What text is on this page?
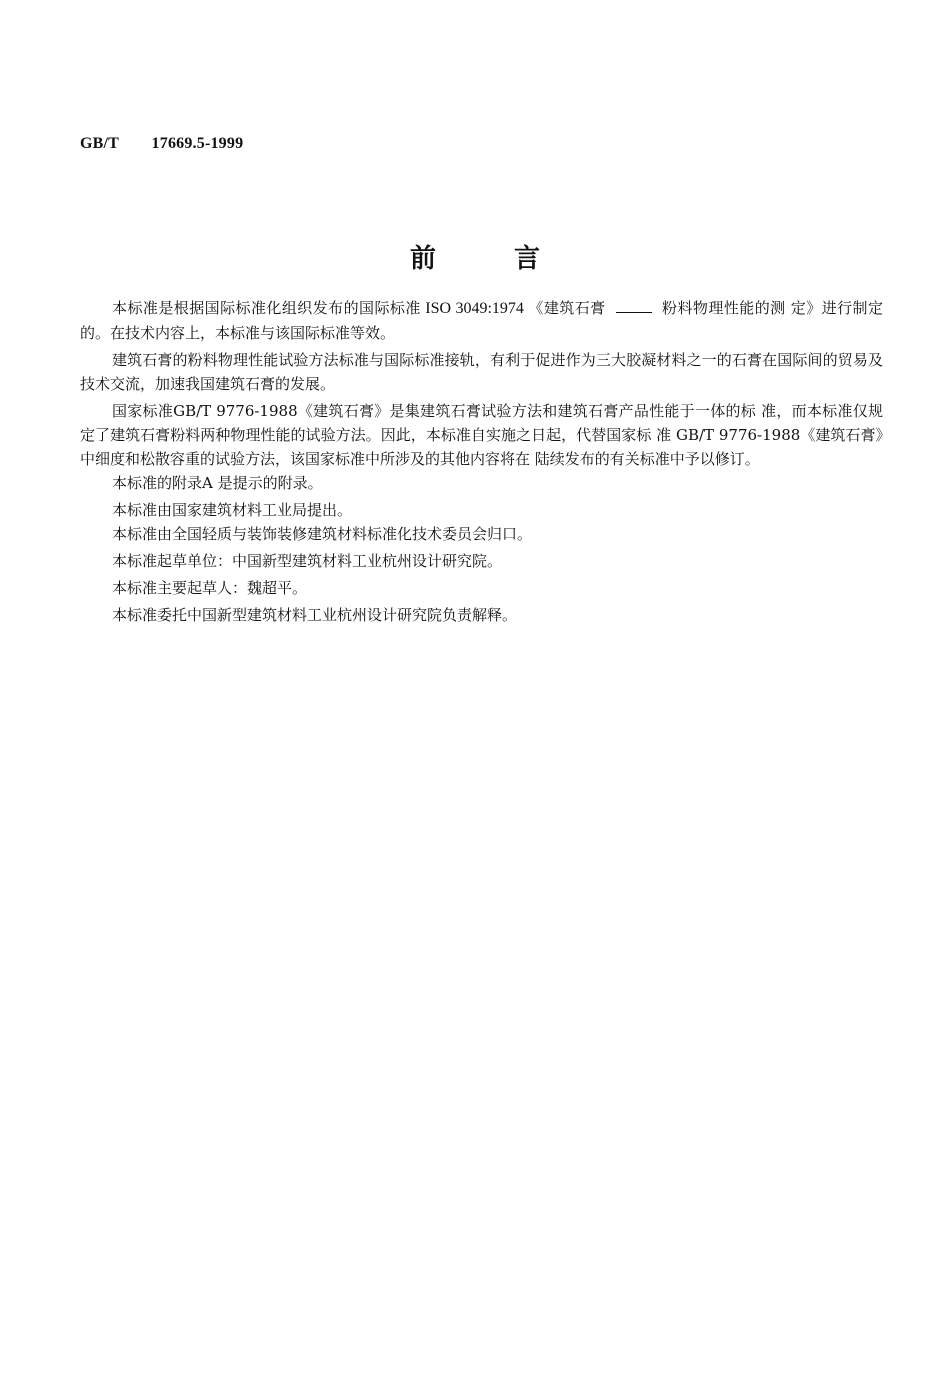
GB/T    17669.5-1999
前言

本标准是根据国际标准化组织发布的国际标准 ISO 3049:1974 《建筑石膏	粉料物理性能的测 定》进行制定的。在技术内容上，本标准与该国际标准等效。

建筑石膏的粉料物理性能试验方法标准与国际标准接轨，有利于促进作为三大胶凝材料之一的石膏在国际间的贸易及技术交流，加速我国建筑石膏的发展。

国家标准GB/T 9776-1988《建筑石膏》是集建筑石膏试验方法和建筑石膏产品性能于一体的标 准，而本标准仅规定了建筑石膏粉料两种物理性能的试验方法。因此，本标准自实施之日起，代替国家标 准 GB/T 9776-1988《建筑石膏》中细度和松散容重的试验方法，该国家标准中所涉及的其他内容将在 陆续发布的有关标准中予以修订。

本标准的附录A 是提示的附录。

本标准由国家建筑材料工业局提出。

本标准由全国轻质与装饰装修建筑材料标准化技术委员会归口。

本标准起草单位：中国新型建筑材料工业杭州设计研究院。

本标准主要起草人：魏超平。

本标准委托中国新型建筑材料工业杭州设计研究院负责解释。
